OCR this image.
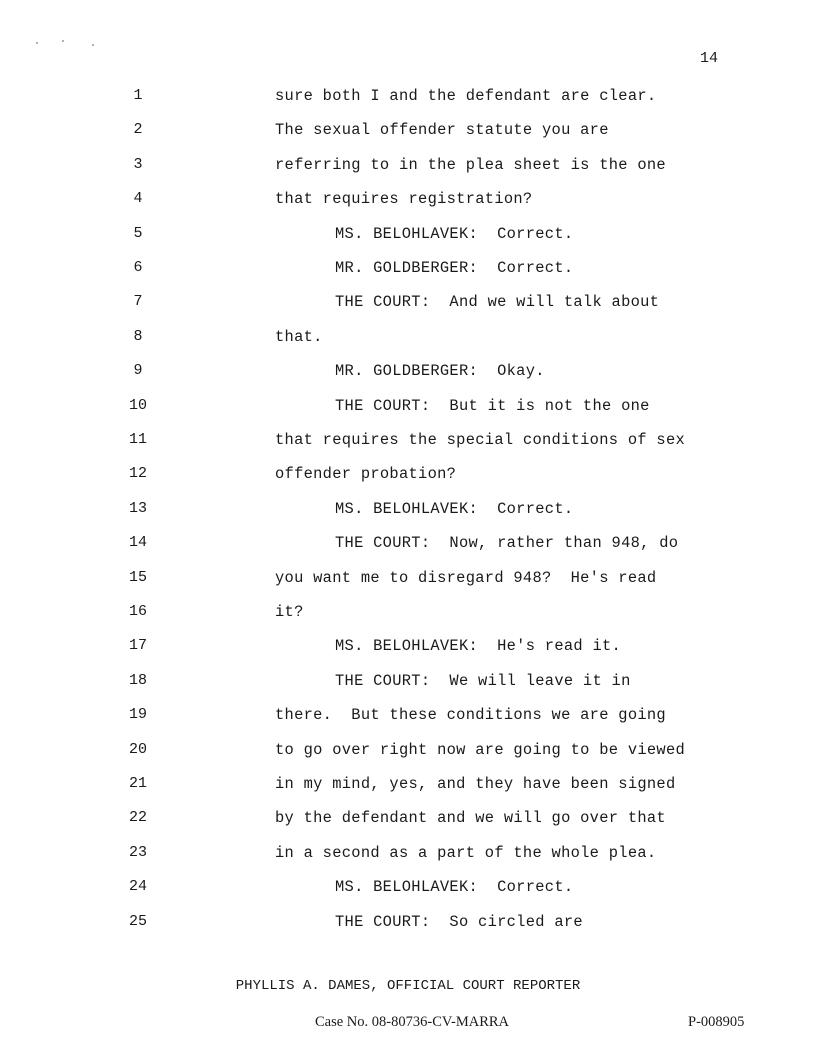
14
1	sure both I and the defendant are clear.
2	The sexual offender statute you are
3	referring to in the plea sheet is the one
4	that requires registration?
5	MS. BELOHLAVEK:  Correct.
6	MR. GOLDBERGER:  Correct.
7	THE COURT:  And we will talk about
8	that.
9	MR. GOLDBERGER:  Okay.
10	THE COURT:  But it is not the one
11	that requires the special conditions of sex
12	offender probation?
13	MS. BELOHLAVEK:  Correct.
14	THE COURT:  Now, rather than 948, do
15	you want me to disregard 948?  He's read
16	it?
17	MS. BELOHLAVEK:  He's read it.
18	THE COURT:  We will leave it in
19	there.  But these conditions we are going
20	to go over right now are going to be viewed
21	in my mind, yes, and they have been signed
22	by the defendant and we will go over that
23	in a second as a part of the whole plea.
24	MS. BELOHLAVEK:  Correct.
25	THE COURT:  So circled are
PHYLLIS A. DAMES, OFFICIAL COURT REPORTER
Case No. 08-80736-CV-MARRA	P-008905
